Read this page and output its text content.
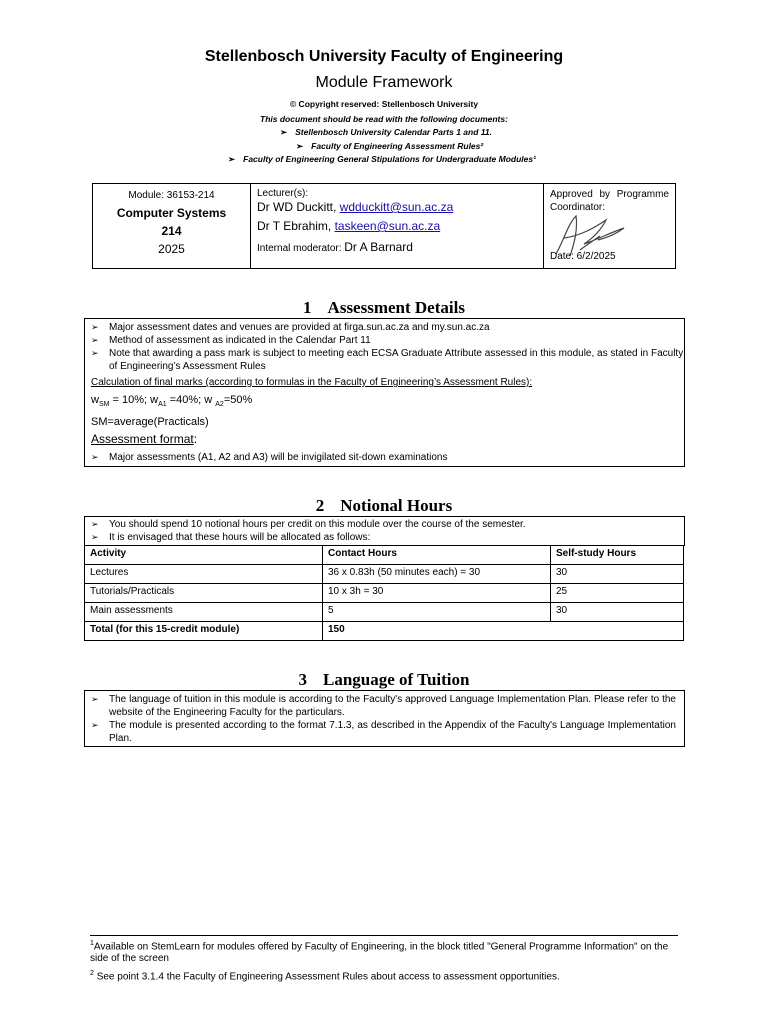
Stellenbosch University Faculty of Engineering
Module Framework
© Copyright reserved: Stellenbosch University
This document should be read with the following documents:
➢ Stellenbosch University Calendar Parts 1 and 11.
➢ Faculty of Engineering Assessment Rules²
➢ Faculty of Engineering General Stipulations for Undergraduate Modules¹
Module: 36153-214
Computer Systems
214
2025

Lecturer(s):
Dr WD Duckitt, wdduckitt@sun.ac.za
Dr T Ebrahim, taskeen@sun.ac.za
Internal moderator: Dr A Barnard

Approved by Programme Coordinator:
Date: 6/2/2025
1 Assessment Details
➢	Major assessment dates and venues are provided at firga.sun.ac.za and my.sun.ac.za
➢	Method of assessment as indicated in the Calendar Part 11
➢	Note that awarding a pass mark is subject to meeting each ECSA Graduate Attribute assessed in this module, as stated in Faculty of Engineering’s Assessment Rules
Calculation of final marks (according to formulas in the Faculty of Engineering’s Assessment Rules):
$w_{SM} = 10\%$; $w_{A1} =40\%$; w $_{A2}$=50%
SM=average(Practicals)
Assessment format:
➢	Major assessments (A1, A2 and A3) will be invigilated sit-down examinations
2 Notional Hours
➢	You should spend 10 notional hours per credit on this module over the course of the semester.
➢	It is envisaged that these hours will be allocated as follows:
Activity	Contact Hours	Self-study Hours
Lectures	36 x 0.83h (50 minutes each) = 30	30
Tutorials/Practicals	10 x 3h = 30	25
Main assessments	5	30
Total (for this 15-credit module)	150	
3 Language of Tuition
➢	The language of tuition in this module is according to the Faculty's approved Language Implementation Plan. Please refer to the website of the Engineering Faculty for the particulars.
➢	The module is presented according to the format 7.1.3, as described in the Appendix of the Faculty's Language Implementation Plan.
$^1$Available on StemLearn for modules offered by Faculty of Engineering, in the block titled "General Programme Information" on the side of the screen
$^2$ See point 3.1.4 the Faculty of Engineering Assessment Rules about access to assessment opportunities.
